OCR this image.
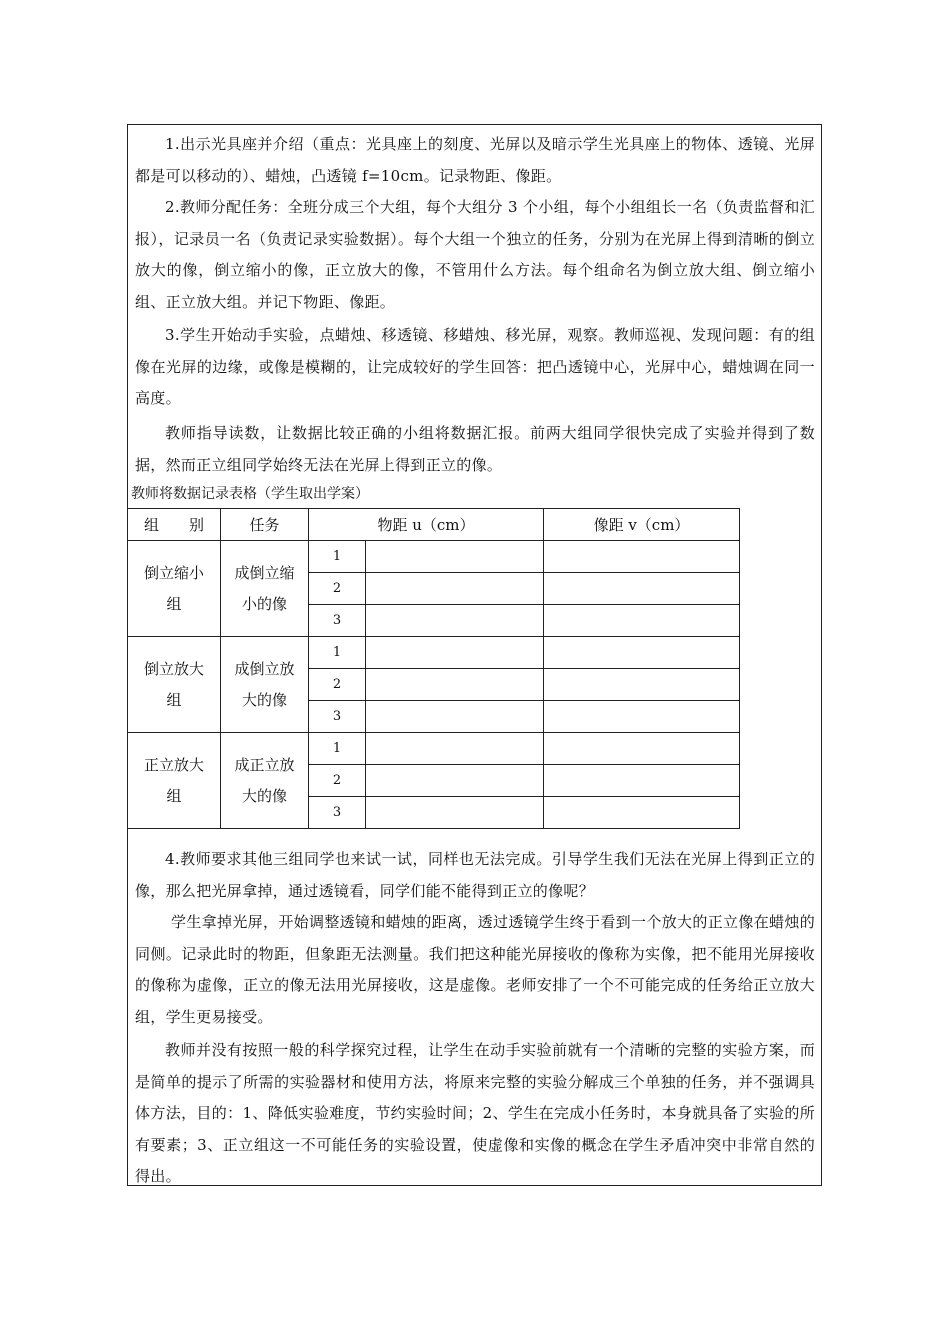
1.出示光具座并介绍（重点：光具座上的刻度、光屏以及暗示学生光具座上的物体、透镜、光屏都是可以移动的）、蜡烛，凸透镜 f=10cm。记录物距、像距。

2.教师分配任务：全班分成三个大组，每个大组分 3 个小组，每个小组组长一名（负责监督和汇报），记录员一名（负责记录实验数据）。每个大组一个独立的任务，分别为在光屏上得到清晰的倒立放大的像，倒立缩小的像，正立放大的像，不管用什么方法。每个组命名为倒立放大组、倒立缩小组、正立放大组。并记下物距、像距。

3.学生开始动手实验，点蜡烛、移透镜、移蜡烛、移光屏，观察。教师巡视、发现问题：有的组像在光屏的边缘，或像是模糊的，让完成较好的学生回答：把凸透镜中心，光屏中心，蜡烛调在同一高度。

教师指导读数，让数据比较正确的小组将数据汇报。前两大组同学很快完成了实验并得到了数据，然而正立组同学始终无法在光屏上得到正立的像。

教师将数据记录表格（学生取出学案）

组　　别	任务	物距 u（cm）		像距 v（cm）

倒立缩小组	成倒立缩小的像	1		
		2		
		3		

倒立放大组	成倒立放大的像	1		
		2		
		3		

正立放大组	成正立放大的像	1		
		2		
		3		

4.教师要求其他三组同学也来试一试，同样也无法完成。引导学生我们无法在光屏上得到正立的像，那么把光屏拿掉，通过透镜看，同学们能不能得到正立的像呢？

学生拿掉光屏，开始调整透镜和蜡烛的距离，透过透镜学生终于看到一个放大的正立像在蜡烛的同侧。记录此时的物距，但象距无法测量。我们把这种能光屏接收的像称为实像，把不能用光屏接收的像称为虚像，正立的像无法用光屏接收，这是虚像。老师安排了一个不可能完成的任务给正立放大组，学生更易接受。

教师并没有按照一般的科学探究过程，让学生在动手实验前就有一个清晰的完整的实验方案，而是简单的提示了所需的实验器材和使用方法，将原来完整的实验分解成三个单独的任务，并不强调具体方法，目的：1、降低实验难度，节约实验时间；2、学生在完成小任务时，本身就具备了实验的所有要素；3、正立组这一不可能任务的实验设置，使虚像和实像的概念在学生矛盾冲突中非常自然的得出。
